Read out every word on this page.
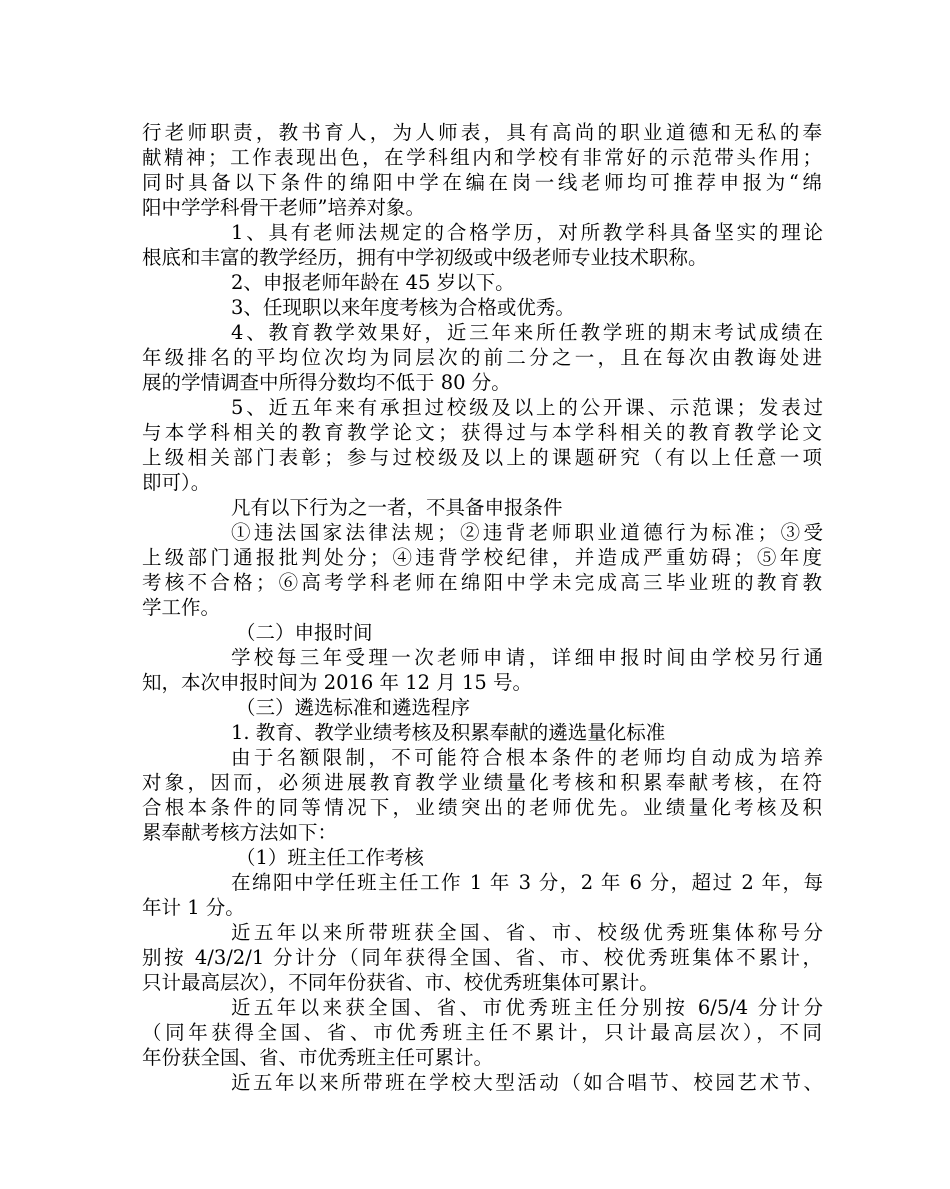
行老师职责，教书育人，为人师表，具有高尚的职业道德和无私的奉
献精神；工作表现出色，在学科组内和学校有非常好的示范带头作用；
同时具备以下条件的绵阳中学在编在岗一线老师均可推荐申报为“绵
阳中学学科骨干老师”培养对象。
1、具有老师法规定的合格学历，对所教学科具备坚实的理论
根底和丰富的教学经历，拥有中学初级或中级老师专业技术职称。
2、申报老师年龄在 45 岁以下。
3、任现职以来年度考核为合格或优秀。
4、教育教学效果好，近三年来所任教学班的期末考试成绩在
年级排名的平均位次均为同层次的前二分之一，且在每次由教诲处进
展的学情调查中所得分数均不低于 80 分。
5、近五年来有承担过校级及以上的公开课、示范课；发表过
与本学科相关的教育教学论文；获得过与本学科相关的教育教学论文
上级相关部门表彰；参与过校级及以上的课题研究（有以上任意一项
即可）。
凡有以下行为之一者，不具备申报条件
①违法国家法律法规；②违背老师职业道德行为标准；③受
上级部门通报批判处分；④违背学校纪律，并造成严重妨碍；⑤年度
考核不合格；⑥高考学科老师在绵阳中学未完成高三毕业班的教育教
学工作。
（二）申报时间
学校每三年受理一次老师申请，详细申报时间由学校另行通
知，本次申报时间为 2016 年 12 月 15 号。
（三）遴选标准和遴选程序
1. 教育、教学业绩考核及积累奉献的遴选量化标准
由于名额限制，不可能符合根本条件的老师均自动成为培养
对象，因而，必须进展教育教学业绩量化考核和积累奉献考核，在符
合根本条件的同等情况下，业绩突出的老师优先。业绩量化考核及积
累奉献考核方法如下：
（1）班主任工作考核
在绵阳中学任班主任工作 1 年 3 分，2 年 6 分，超过 2 年，每
年计 1 分。
近五年以来所带班获全国、省、市、校级优秀班集体称号分
别按 4/3/2/1 分计分（同年获得全国、省、市、校优秀班集体不累计，
只计最高层次），不同年份获省、市、校优秀班集体可累计。
近五年以来获全国、省、市优秀班主任分别按 6/5/4 分计分
（同年获得全国、省、市优秀班主任不累计，只计最高层次），不同
年份获全国、省、市优秀班主任可累计。
近五年以来所带班在学校大型活动（如合唱节、校园艺术节、
